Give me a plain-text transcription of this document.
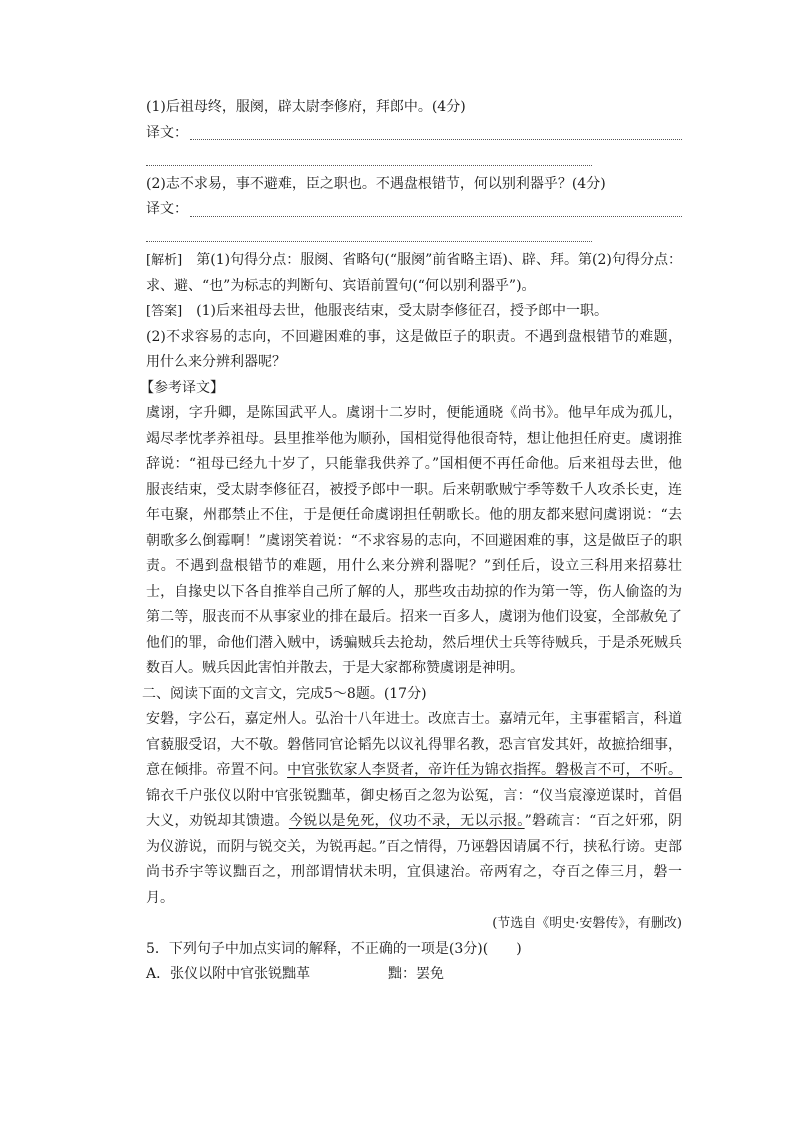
(1)后祖母终，服阕，辟太尉李修府，拜郎中。(4分)

译文：

(2)志不求易，事不避难，臣之职也。不遇盘根错节，何以别利器乎？(4分)

译文：

[解析]　 第(1)句得分点：服阕、省略句(“服阕”前省略主语)、辟、拜。第(2)句得分点：求、避、“也”为标志的判断句、宾语前置句(“何以别利器乎”)。

[答案]　 (1)后来祖母去世，他服丧结束，受太尉李修征召，授予郎中一职。

(2)不求容易的志向，不回避困难的事，这是做臣子的职责。不遇到盘根错节的难题，用什么来分辨利器呢？

【参考译文】

虞诩，字升卿，是陈国武平人。虞诩十二岁时，便能通晓《尚书》。他早年成为孤儿，竭尽孝忱孝养祖母。县里推举他为顺孙，国相觉得他很奇特，想让他担任府吏。虞诩推辞说：“祖母已经九十岁了，只能靠我供养了。”国相便不再任命他。后来祖母去世，他服丧结束，受太尉李修征召，被授予郎中一职。后来朝歌贼宁季等数千人攻杀长吏，连年屯聚，州郡禁止不住，于是便任命虞诩担任朝歌长。他的朋友都来慰问虞诩说：“去朝歌多么倒霉啊！”虞诩笑着说：“不求容易的志向，不回避困难的事，这是做臣子的职责。不遇到盘根错节的难题，用什么来分辨利器呢？”到任后，设立三科用来招募壮士，自掾史以下各自推举自己所了解的人，那些攻击劫掠的作为第一等，伤人偷盗的为第二等，服丧而不从事家业的排在最后。招来一百多人，虞诩为他们设宴，全部赦免了他们的罪，命他们潜入贼中，诱骗贼兵去抢劫，然后埋伏士兵等待贼兵，于是杀死贼兵数百人。贼兵因此害怕并散去，于是大家都称赞虞诩是神明。

二、阅读下面的文言文，完成5～8题。(17分)

安磐，字公石，嘉定州人。弘治十八年进士。改庶吉士。嘉靖元年，主事霍韬言，科道官藐服受诏，大不敬。磐偕同官论韬先以议礼得罪名教，恐言官发其奸，故摭拾细事，意在倾排。帝置不问。中官张钦家人李贤者，帝许任为锦衣指挥。磐极言不可，不听。锦衣千户张仪以附中官张锐黜革，御史杨百之忽为讼冤，言：“仪当宸濠逆谋时，首倡大义，劝锐却其馈遗。今锐以是免死，仪功不录，无以示报。”磐疏言：“百之奸邪，阴为仪游说，而阴与锐交关，为锐再起。”百之情得，乃诬磐因请属不行，挟私行谤。吏部尚书乔宇等议黜百之，刑部谓情状未明，宜俱逮治。帝两宥之，夺百之俸三月，磐一月。

(节选自《明史·安磐传》，有删改)

5．下列句子中加点实词的解释，不正确的一项是(3分)(　　)

A．张仪以附中官张锐黜革	黜：罢免
